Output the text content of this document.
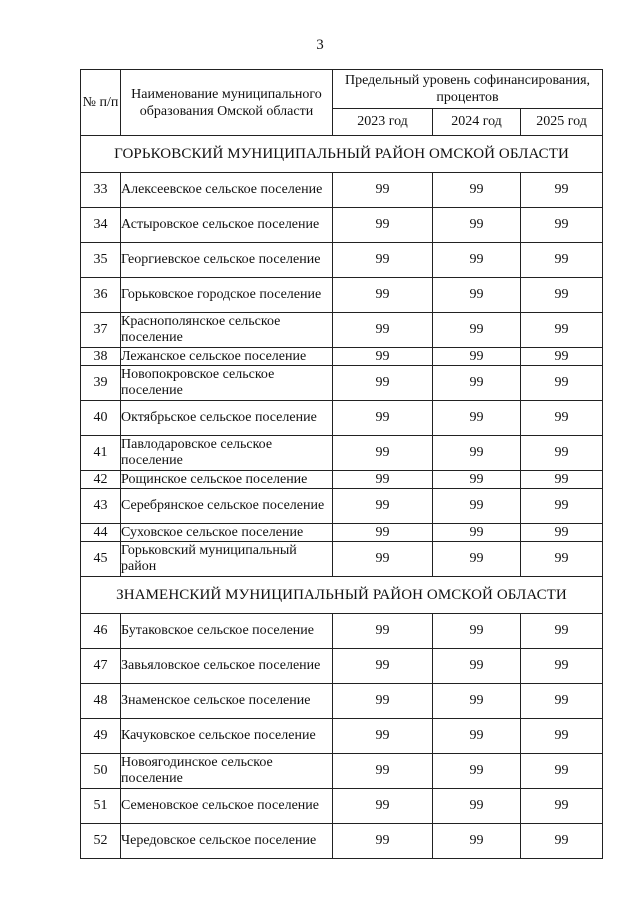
3
№ п/п	Наименование муниципального образования Омской области	Предельный уровень софинансирования, процентов		
		2023 год	2024 год	2025 год
ГОРЬКОВСКИЙ МУНИЦИПАЛЬНЫЙ РАЙОН ОМСКОЙ ОБЛАСТИ				
33	Алексеевское сельское поселение	99	99	99
34	Астыровское сельское поселение	99	99	99
35	Георгиевское сельское поселение	99	99	99
36	Горьковское городское поселение	99	99	99
37	Краснополянское сельское поселение	99	99	99
38	Лежанское сельское поселение	99	99	99
39	Новопокровское сельское поселение	99	99	99
40	Октябрьское сельское поселение	99	99	99
41	Павлодаровское сельское поселение	99	99	99
42	Рощинское сельское поселение	99	99	99
43	Серебрянское сельское поселение	99	99	99
44	Суховское сельское поселение	99	99	99
45	Горьковский муниципальный район	99	99	99
ЗНАМЕНСКИЙ МУНИЦИПАЛЬНЫЙ РАЙОН ОМСКОЙ ОБЛАСТИ				
46	Бутаковское сельское поселение	99	99	99
47	Завьяловское сельское поселение	99	99	99
48	Знаменское сельское поселение	99	99	99
49	Качуковское сельское поселение	99	99	99
50	Новоягодинское сельское поселение	99	99	99
51	Семеновское сельское поселение	99	99	99
52	Чередовское сельское поселение	99	99	99
